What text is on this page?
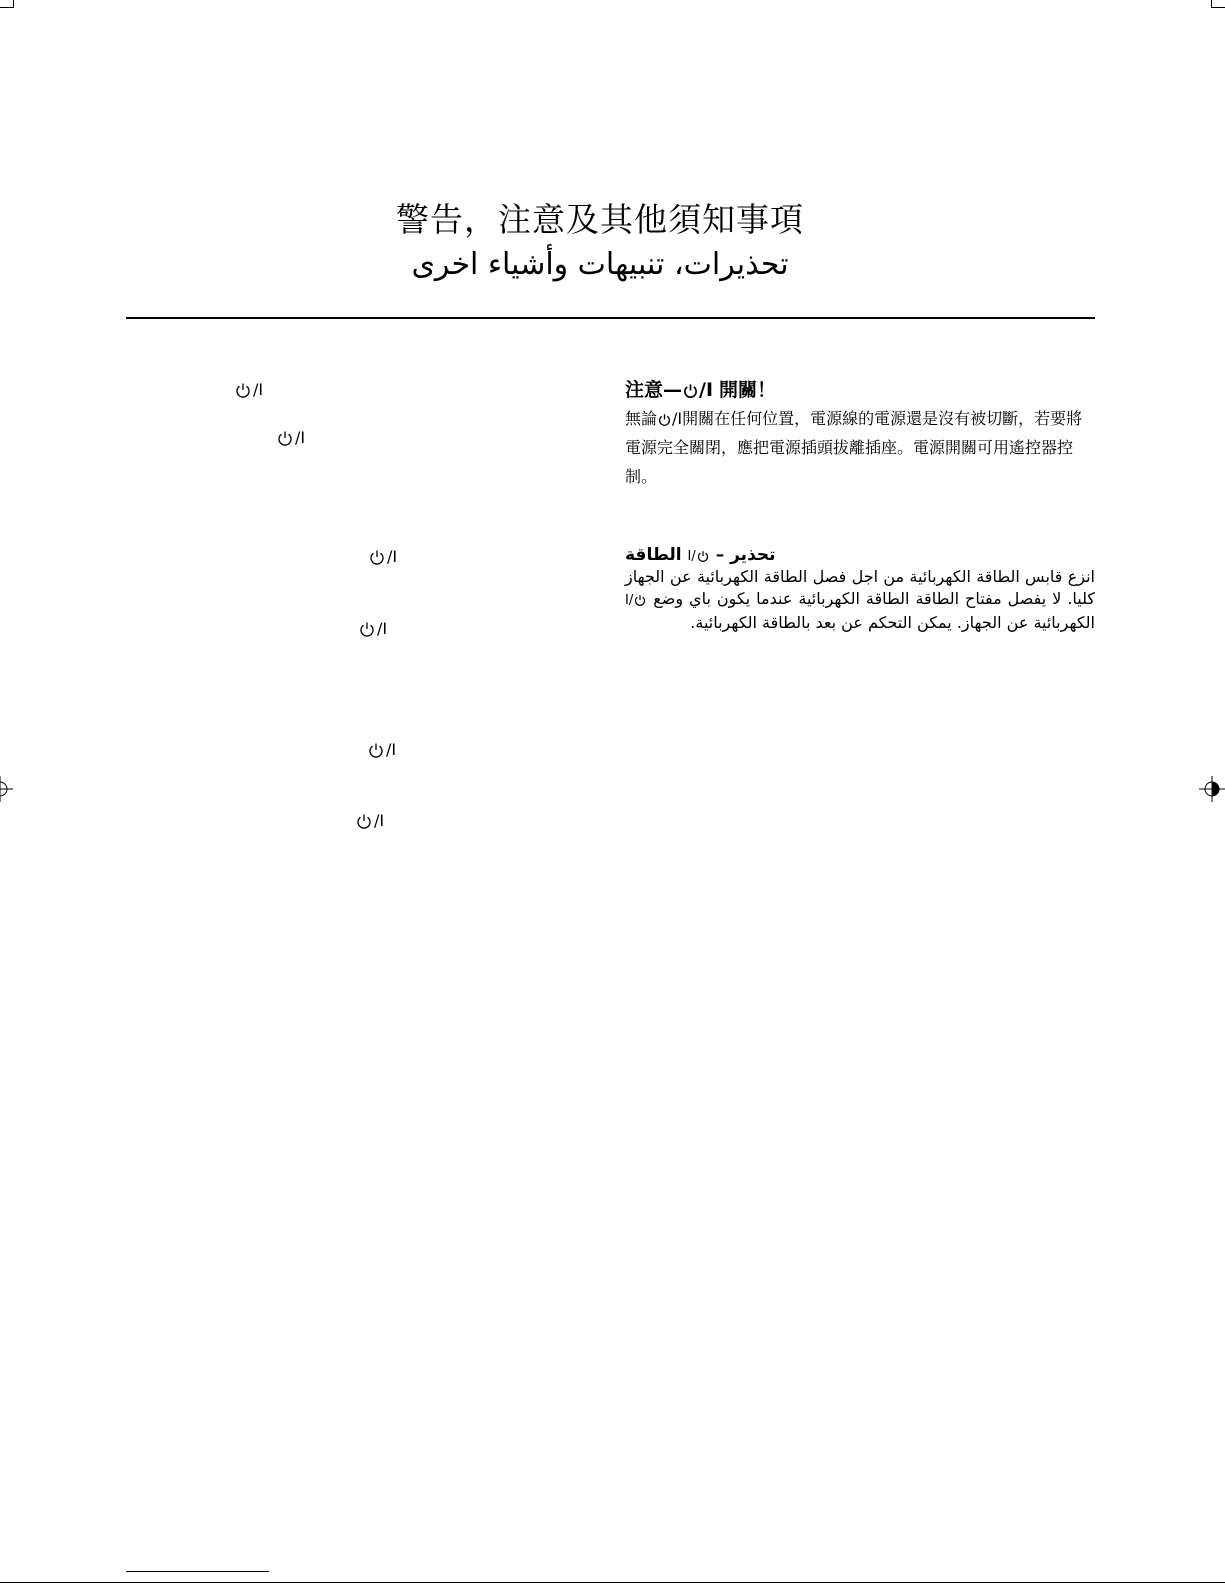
警告，注意及其他須知事項
تحذيرات، تنبيهات وأشياء اخرى
/I
/I
/I
/I
/I
/I
注意— /I 開關！
無論 /I開關在任何位置，電源線的電源還是沒有被切斷，若要將電源完全關閉，應把電源插頭拔離插座。電源開關可用遙控器控制。
تحذير – /I الطاقة
انزع قابس الطاقة الكهربائية من اجل فصل الطاقة الكهربائية عن الجهاز كليا. لا يفصل مفتاح الطاقة الطاقة الكهربائية عندما يكون باي وضع /I الكهربائية عن الجهاز. يمكن التحكم عن بعد بالطاقة الكهربائية.
